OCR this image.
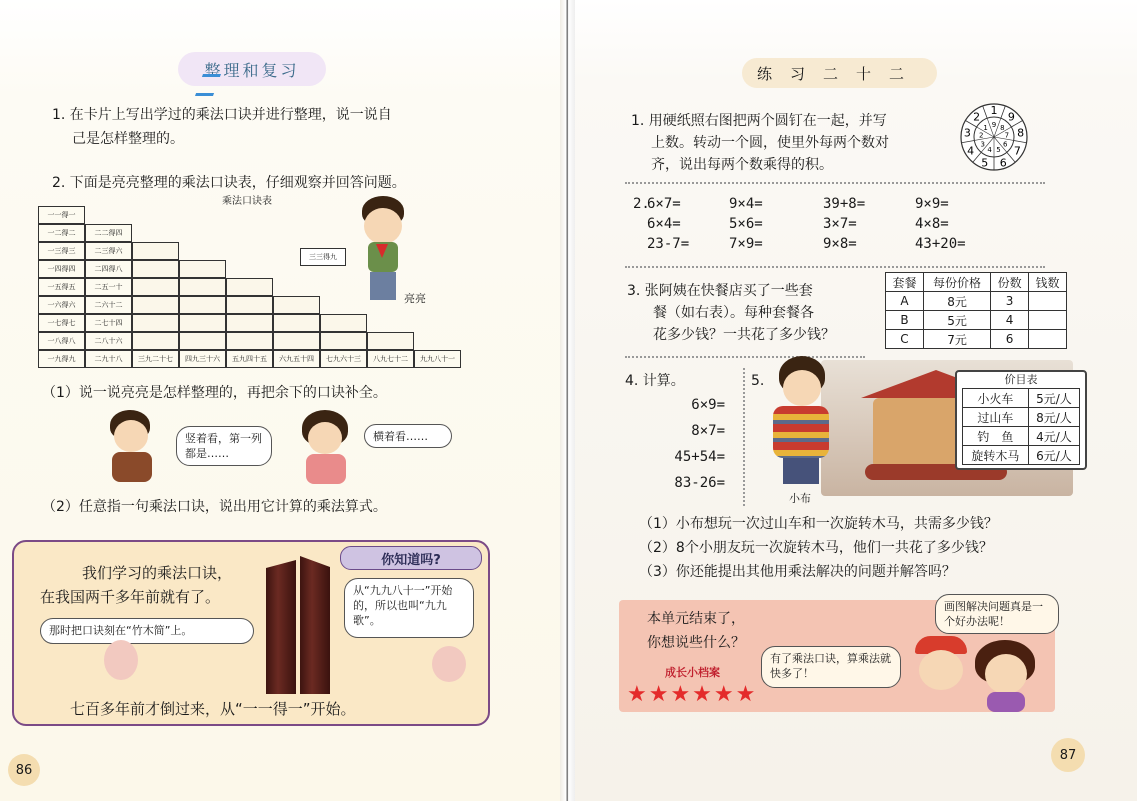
整理和复习
1. 在卡片上写出学过的乘法口诀并进行整理，说一说自
己是怎样整理的。
2. 下面是亮亮整理的乘法口诀表，仔细观察并回答问题。
乘法口诀表
一一得一
一二得二	二二得四
一三得三	二三得六
一四得四	二四得八
一五得五	二五一十
一六得六	二六十二
一七得七	二七十四
一八得八	二八十六
一九得九	二九十八	三九二十七	四九三十六	五九四十五	六九五十四	七九六十三	八九七十二	九九八十一
三三得九
亮亮
（1）说一说亮亮是怎样整理的，再把余下的口诀补全。
竖着看，第一列都是……
横着看……
（2）任意指一句乘法口诀，说出用它计算的乘法算式。
你知道吗?
我们学习的乘法口诀，
在我国两千多年前就有了。
那时把口诀刻在“竹木简”上。
从“九九八十一”开始的，所以也叫“九九歌”。
七百多年前才倒过来，从“一一得一”开始。
86
练习二十二
1. 用硬纸照右图把两个圆钉在一起，并写
上数。转动一个圆，使里外每两个数对
齐，说出每两个数乘得的积。
1
9
9
8 8
7
7
6
6
5
5
4
4 3
3 2
2
1
2.
6×7=	9×4=	39+8=	9×9=
6×4=	5×6=	3×7=	4×8=
23-7=	7×9=	9×8=	43+20=
3. 张阿姨在快餐店买了一些套
餐（如右表）。每种套餐各
花多少钱？一共花了多少钱？
套餐	每份价格	份数	钱数
A	8元	3	
B	5元	4	
C	7元	6	
4. 计算。
6×9=
8×7=
45+54=
83-26=
5.
小布
价目表
小火车	5元/人
过山车	8元/人
钓　鱼	4元/人
旋转木马	6元/人
（1）小布想玩一次过山车和一次旋转木马，共需多少钱？
（2）8个小朋友玩一次旋转木马，他们一共花了多少钱？
（3）你还能提出其他用乘法解决的问题并解答吗？
本单元结束了，
你想说些什么？
成长小档案
★★★★★★
有了乘法口诀，算乘法就快多了！
画图解决问题真是一个好办法呢！
87
